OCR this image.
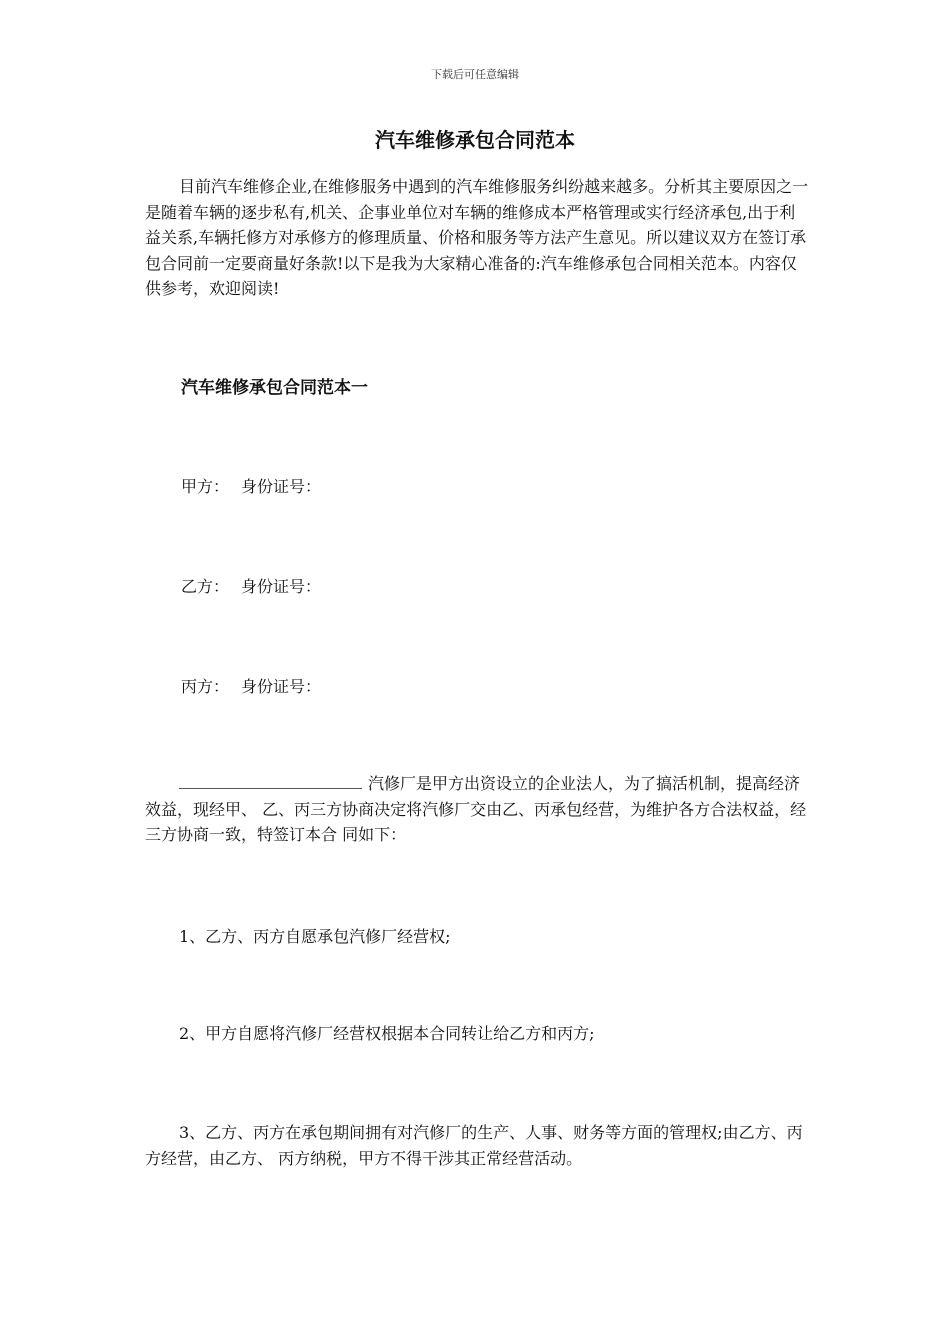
下载后可任意编辑
汽车维修承包合同范本

目前汽车维修企业,在维修服务中遇到的汽车维修服务纠纷越来越多。分析其主要原因之一是随着车辆的逐步私有,机关、企事业单位对车辆的维修成本严格管理或实行经济承包,出于利益关系,车辆托修方对承修方的修理质量、价格和服务等方法产生意见。所以建议双方在签订承包合同前一定要商量好条款!以下是我为大家精心准备的:汽车维修承包合同相关范本。内容仅供参考，欢迎阅读!

汽车维修承包合同范本一

甲方： 身份证号：

乙方： 身份证号：

丙方： 身份证号：

汽修厂是甲方出资设立的企业法人，为了搞活机制，提高经济效益，现经甲、 乙、丙三方协商决定将汽修厂交由乙、丙承包经营，为维护各方合法权益，经三方协商一致，特签订本合 同如下：

1、乙方、丙方自愿承包汽修厂经营权;

2、甲方自愿将汽修厂经营权根据本合同转让给乙方和丙方;

3、乙方、丙方在承包期间拥有对汽修厂的生产、人事、财务等方面的管理权;由乙方、丙方经营，由乙方、 丙方纳税，甲方不得干涉其正常经营活动。
